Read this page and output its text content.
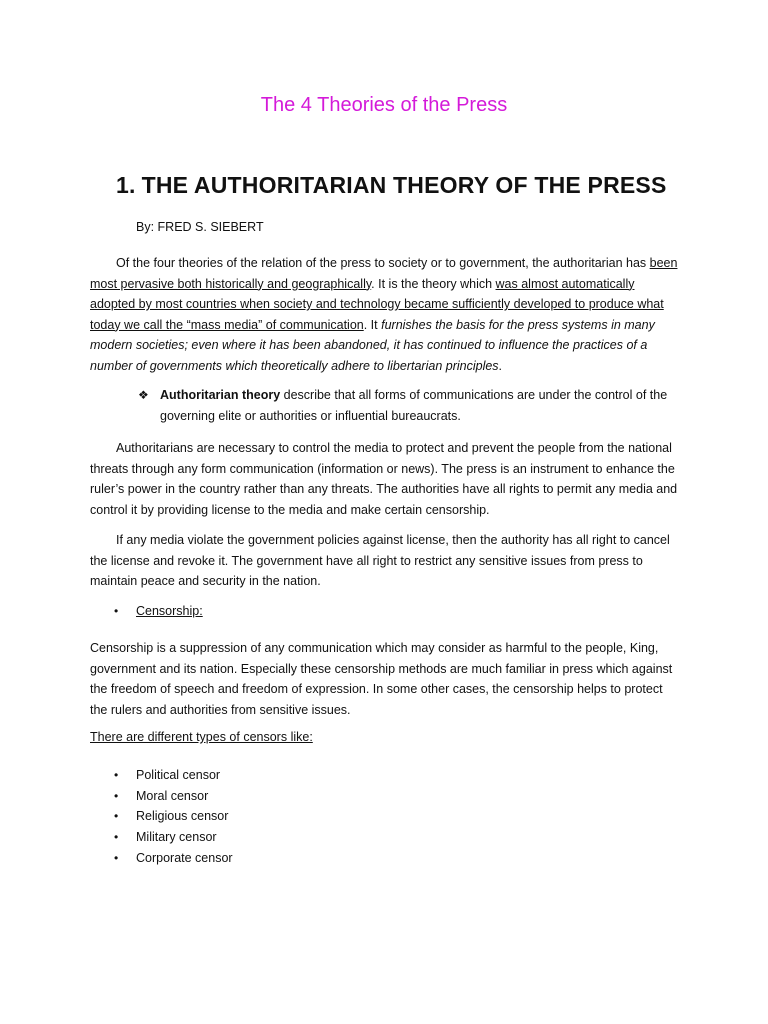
The 4 Theories of the Press
1. THE AUTHORITARIAN THEORY OF THE PRESS
By: FRED S. SIEBERT
Of the four theories of the relation of the press to society or to government, the authoritarian has been most pervasive both historically and geographically. It is the theory which was almost automatically adopted by most countries when society and technology became sufficiently developed to produce what today we call the “mass media” of communication. It furnishes the basis for the press systems in many modern societies; even where it has been abandoned, it has continued to influence the practices of a number of governments which theoretically adhere to libertarian principles.
❖ Authoritarian theory describe that all forms of communications are under the control of the governing elite or authorities or influential bureaucrats.
Authoritarians are necessary to control the media to protect and prevent the people from the national threats through any form communication (information or news). The press is an instrument to enhance the ruler’s power in the country rather than any threats. The authorities have all rights to permit any media and control it by providing license to the media and make certain censorship.
If any media violate the government policies against license, then the authority has all right to cancel the license and revoke it. The government have all right to restrict any sensitive issues from press to maintain peace and security in the nation.
• Censorship:
Censorship is a suppression of any communication which may consider as harmful to the people, King, government and its nation. Especially these censorship methods are much familiar in press which against the freedom of speech and freedom of expression. In some other cases, the censorship helps to protect the rulers and authorities from sensitive issues.
There are different types of censors like:
• Political censor
• Moral censor
• Religious censor
• Military censor
• Corporate censor
